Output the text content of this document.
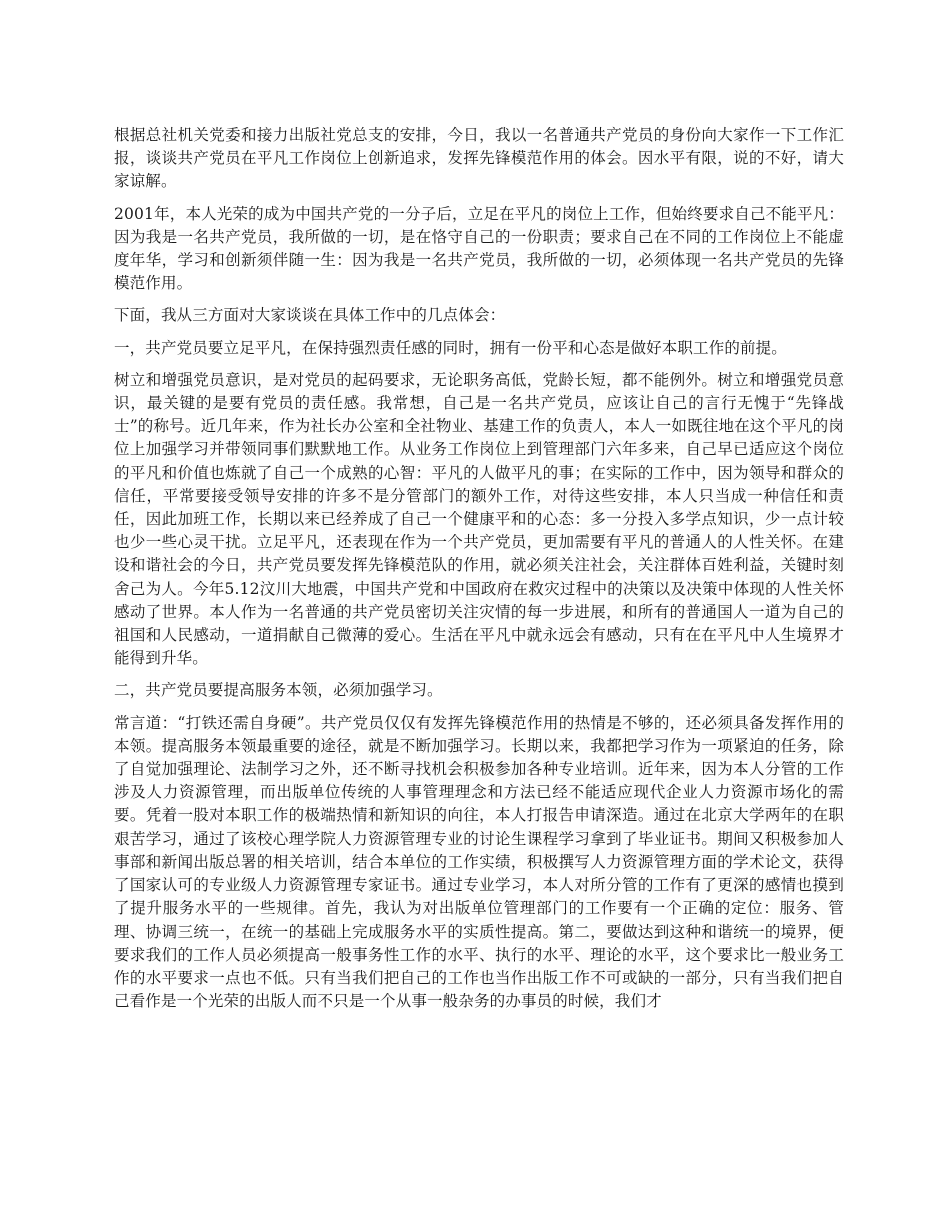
根据总社机关党委和接力出版社党总支的安排，今日，我以一名普通共产党员的身份向大家作一下工作汇报，谈谈共产党员在平凡工作岗位上创新追求，发挥先锋模范作用的体会。因水平有限，说的不好，请大家谅解。

2001年，本人光荣的成为中国共产党的一分子后，立足在平凡的岗位上工作，但始终要求自己不能平凡：因为我是一名共产党员，我所做的一切，是在恪守自己的一份职责；要求自己在不同的工作岗位上不能虚度年华，学习和创新须伴随一生：因为我是一名共产党员，我所做的一切，必须体现一名共产党员的先锋模范作用。

下面，我从三方面对大家谈谈在具体工作中的几点体会：

一，共产党员要立足平凡，在保持强烈责任感的同时，拥有一份平和心态是做好本职工作的前提。

树立和增强党员意识，是对党员的起码要求，无论职务高低，党龄长短，都不能例外。树立和增强党员意识，最关键的是要有党员的责任感。我常想，自己是一名共产党员，应该让自己的言行无愧于“先锋战士”的称号。近几年来，作为社长办公室和全社物业、基建工作的负责人，本人一如既往地在这个平凡的岗位上加强学习并带领同事们默默地工作。从业务工作岗位上到管理部门六年多来，自己早已适应这个岗位的平凡和价值也炼就了自己一个成熟的心智：平凡的人做平凡的事；在实际的工作中，因为领导和群众的信任，平常要接受领导安排的许多不是分管部门的额外工作，对待这些安排，本人只当成一种信任和责任，因此加班工作，长期以来已经养成了自己一个健康平和的心态：多一分投入多学点知识，少一点计较也少一些心灵干扰。立足平凡，还表现在作为一个共产党员，更加需要有平凡的普通人的人性关怀。在建设和谐社会的今日，共产党员要发挥先锋模范队的作用，就必须关注社会，关注群体百姓利益，关键时刻舍己为人。今年5.12汶川大地震，中国共产党和中国政府在救灾过程中的决策以及决策中体现的人性关怀感动了世界。本人作为一名普通的共产党员密切关注灾情的每一步进展，和所有的普通国人一道为自己的祖国和人民感动，一道捐献自己微薄的爱心。生活在平凡中就永远会有感动，只有在在平凡中人生境界才能得到升华。

二，共产党员要提高服务本领，必须加强学习。

常言道：“打铁还需自身硬”。共产党员仅仅有发挥先锋模范作用的热情是不够的，还必须具备发挥作用的本领。提高服务本领最重要的途径，就是不断加强学习。长期以来，我都把学习作为一项紧迫的任务，除了自觉加强理论、法制学习之外，还不断寻找机会积极参加各种专业培训。近年来，因为本人分管的工作涉及人力资源管理，而出版单位传统的人事管理理念和方法已经不能适应现代企业人力资源市场化的需要。凭着一股对本职工作的极端热情和新知识的向往，本人打报告申请深造。通过在北京大学两年的在职艰苦学习，通过了该校心理学院人力资源管理专业的讨论生课程学习拿到了毕业证书。期间又积极参加人事部和新闻出版总署的相关培训，结合本单位的工作实绩，积极撰写人力资源管理方面的学术论文，获得了国家认可的专业级人力资源管理专家证书。通过专业学习，本人对所分管的工作有了更深的感情也摸到了提升服务水平的一些规律。首先，我认为对出版单位管理部门的工作要有一个正确的定位：服务、管理、协调三统一，在统一的基础上完成服务水平的实质性提高。第二，要做达到这种和谐统一的境界，便要求我们的工作人员必须提高一般事务性工作的水平、执行的水平、理论的水平，这个要求比一般业务工作的水平要求一点也不低。只有当我们把自己的工作也当作出版工作不可或缺的一部分，只有当我们把自己看作是一个光荣的出版人而不只是一个从事一般杂务的办事员的时候，我们才
